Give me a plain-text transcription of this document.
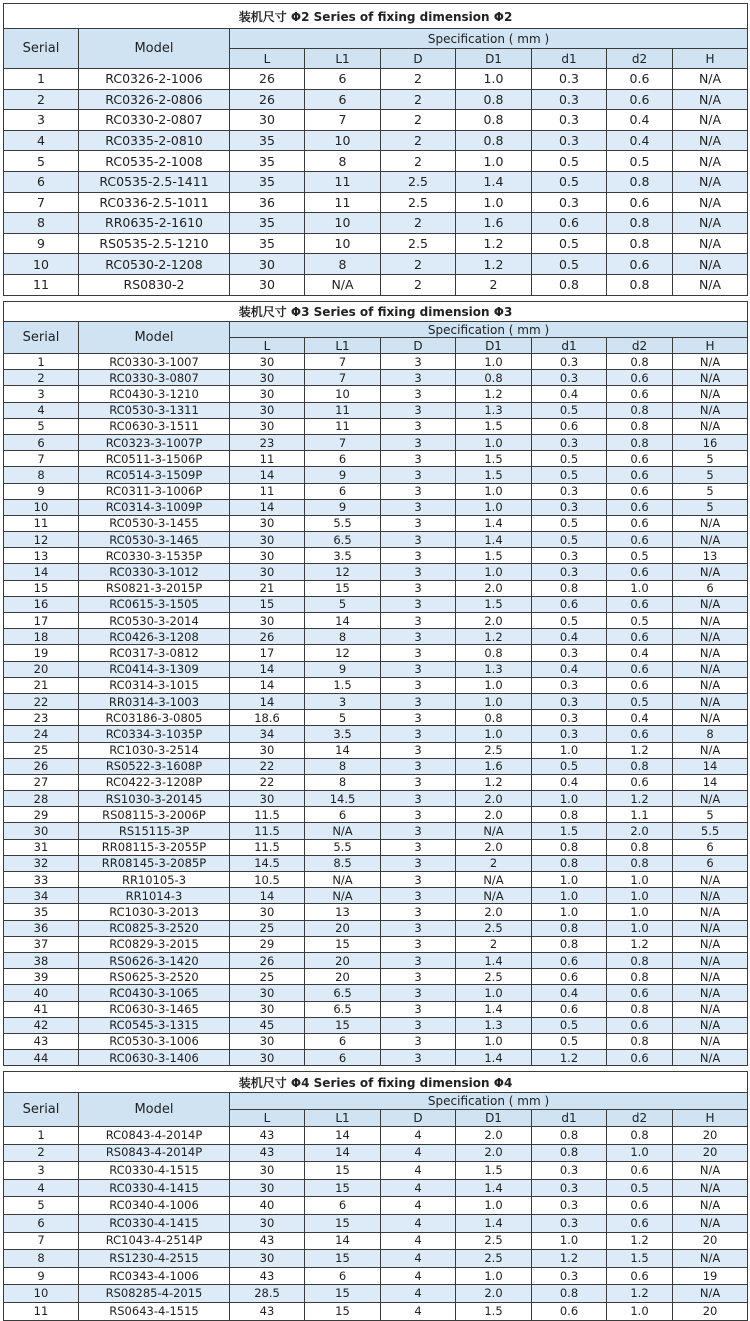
装机尺寸 Φ2 Series of fixing dimension Φ2								
Serial	Model	Specification ( mm )						
		L	L1	D	D1	d1	d2	H
1	RC0326-2-1006	26	6	2	1.0	0.3	0.6	N/A
2	RC0326-2-0806	26	6	2	0.8	0.3	0.6	N/A
3	RC0330-2-0807	30	7	2	0.8	0.3	0.4	N/A
4	RC0335-2-0810	35	10	2	0.8	0.3	0.4	N/A
5	RC0535-2-1008	35	8	2	1.0	0.5	0.5	N/A
6	RC0535-2.5-1411	35	11	2.5	1.4	0.5	0.8	N/A
7	RC0336-2.5-1011	36	11	2.5	1.0	0.3	0.6	N/A
8	RR0635-2-1610	35	10	2	1.6	0.6	0.8	N/A
9	RS0535-2.5-1210	35	10	2.5	1.2	0.5	0.8	N/A
10	RC0530-2-1208	30	8	2	1.2	0.5	0.6	N/A
11	RS0830-2	30	N/A	2	2	0.8	0.8	N/A
装机尺寸 Φ3 Series of fixing dimension Φ3								
Serial	Model	Specification ( mm )						
		L	L1	D	D1	d1	d2	H
1	RC0330-3-1007	30	7	3	1.0	0.3	0.8	N/A
2	RC0330-3-0807	30	7	3	0.8	0.3	0.6	N/A
3	RC0430-3-1210	30	10	3	1.2	0.4	0.6	N/A
4	RC0530-3-1311	30	11	3	1.3	0.5	0.8	N/A
5	RC0630-3-1511	30	11	3	1.5	0.6	0.8	N/A
6	RC0323-3-1007P	23	7	3	1.0	0.3	0.8	16
7	RC0511-3-1506P	11	6	3	1.5	0.5	0.6	5
8	RC0514-3-1509P	14	9	3	1.5	0.5	0.6	5
9	RC0311-3-1006P	11	6	3	1.0	0.3	0.6	5
10	RC0314-3-1009P	14	9	3	1.0	0.3	0.6	5
11	RC0530-3-1455	30	5.5	3	1.4	0.5	0.6	N/A
12	RC0530-3-1465	30	6.5	3	1.4	0.5	0.6	N/A
13	RC0330-3-1535P	30	3.5	3	1.5	0.3	0.5	13
14	RC0330-3-1012	30	12	3	1.0	0.3	0.6	N/A
15	RS0821-3-2015P	21	15	3	2.0	0.8	1.0	6
16	RC0615-3-1505	15	5	3	1.5	0.6	0.6	N/A
17	RC0530-3-2014	30	14	3	2.0	0.5	0.5	N/A
18	RC0426-3-1208	26	8	3	1.2	0.4	0.6	N/A
19	RC0317-3-0812	17	12	3	0.8	0.3	0.4	N/A
20	RC0414-3-1309	14	9	3	1.3	0.4	0.6	N/A
21	RC0314-3-1015	14	1.5	3	1.0	0.3	0.6	N/A
22	RR0314-3-1003	14	3	3	1.0	0.3	0.5	N/A
23	RC03186-3-0805	18.6	5	3	0.8	0.3	0.4	N/A
24	RC0334-3-1035P	34	3.5	3	1.0	0.3	0.6	8
25	RC1030-3-2514	30	14	3	2.5	1.0	1.2	N/A
26	RS0522-3-1608P	22	8	3	1.6	0.5	0.8	14
27	RC0422-3-1208P	22	8	3	1.2	0.4	0.6	14
28	RS1030-3-20145	30	14.5	3	2.0	1.0	1.2	N/A
29	RS08115-3-2006P	11.5	6	3	2.0	0.8	1.1	5
30	RS15115-3P	11.5	N/A	3	N/A	1.5	2.0	5.5
31	RR08115-3-2055P	11.5	5.5	3	2.0	0.8	0.8	6
32	RR08145-3-2085P	14.5	8.5	3	2	0.8	0.8	6
33	RR10105-3	10.5	N/A	3	N/A	1.0	1.0	N/A
34	RR1014-3	14	N/A	3	N/A	1.0	1.0	N/A
35	RC1030-3-2013	30	13	3	2.0	1.0	1.0	N/A
36	RC0825-3-2520	25	20	3	2.5	0.8	1.0	N/A
37	RC0829-3-2015	29	15	3	2	0.8	1.2	N/A
38	RS0626-3-1420	26	20	3	1.4	0.6	0.8	N/A
39	RS0625-3-2520	25	20	3	2.5	0.6	0.8	N/A
40	RC0430-3-1065	30	6.5	3	1.0	0.4	0.6	N/A
41	RC0630-3-1465	30	6.5	3	1.4	0.6	0.8	N/A
42	RC0545-3-1315	45	15	3	1.3	0.5	0.6	N/A
43	RC0530-3-1006	30	6	3	1.0	0.5	0.8	N/A
44	RC0630-3-1406	30	6	3	1.4	1.2	0.6	N/A
装机尺寸 Φ4 Series of fixing dimension Φ4								
Serial	Model	Specification ( mm )						
		L	L1	D	D1	d1	d2	H
1	RC0843-4-2014P	43	14	4	2.0	0.8	0.8	20
2	RS0843-4-2014P	43	14	4	2.0	0.8	1.0	20
3	RC0330-4-1515	30	15	4	1.5	0.3	0.6	N/A
4	RC0330-4-1415	30	15	4	1.4	0.3	0.5	N/A
5	RC0340-4-1006	40	6	4	1.0	0.3	0.6	N/A
6	RC0330-4-1415	30	15	4	1.4	0.3	0.6	N/A
7	RC1043-4-2514P	43	14	4	2.5	1.0	1.2	20
8	RS1230-4-2515	30	15	4	2.5	1.2	1.5	N/A
9	RC0343-4-1006	43	6	4	1.0	0.3	0.6	19
10	RS08285-4-2015	28.5	15	4	2.0	0.8	1.2	N/A
11	RS0643-4-1515	43	15	4	1.5	0.6	1.0	20
